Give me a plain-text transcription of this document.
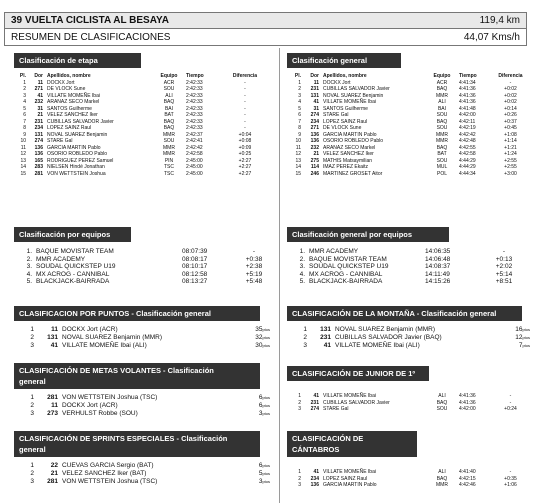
39 VUELTA CICLISTA AL BESAYA	119,4 km
RESUMEN DE CLASIFICACIONES	44,07 Kms/h
Clasificación de etapa
Pl.	Dor	Apellidos, nombre	Equipo	Tiempo	Diferencia
1	11	DOCKX Jort	ACR	2:42:33	-
2	271	DE VLOCK Sune	SOU	2:42:33	-
3	41	VILLATE MOMEÑE Ibai	ALI	2:42:33	-
4	232	ARANAZ SECO Markel	BAQ	2:42:33	-
5	31	SANTOS Guilherme	BAI	2:42:33	-
6	21	VELEZ SANCHEZ Iker	BAT	2:42:33	-
7	231	CUBILLAS SALVADOR Javier	BAQ	2:42:33	-
8	234	LOPEZ SAINZ Raul	BAQ	2:42:33	-
9	131	NOVAL SUAREZ Benjamin	MMR	2:42:37	+0:04
10	274	STARE Gal	SOU	2:42:41	+0:08
11	136	GARCIA MARTIN Pablo	MMR	2:42:42	+0:09
12	136	OSORIO ROBLEDO Pablo	MMR	2:42:58	+0:25
13	165	RODRIGUEZ PEREZ Samuel	PIN	2:45:00	+2:27
14	283	NIELSEN Hindé Jonathan	TSC	2:45:00	+2:27
15	281	VON WETTSTEIN Joshua	TSC	2:45:00	+2:27
Clasificación por equipos
1.	BAQUE MOVISTAR TEAM	08:07:39	-
2.	MMR ACADEMY	08:08:17	+0:38
3.	SOUDAL QUICKSTEP U19	08:10:17	+2:38
4.	MX ACROG - CANNIBAL	08:12:58	+5:19
5.	BLACKJACK-BAIRRADA	08:13:27	+5:48
CLASIFICACION POR PUNTOS - Clasificación general
1	11	DOCKX Jort (ACR)	35ptos
2	131	NOVAL SUAREZ Benjamin (MMR)	32ptos
3	41	VILLATE MOMEÑE Ibai (ALI)	30ptos
CLASIFICACIÓN DE METAS VOLANTES - Clasificación
general
1	281	VON WETTSTEIN Joshua (TSC)	6ptos
2	11	DOCKX Jort (ACR)	6ptos
3	273	VERHULST Robbe (SOU)	3ptos
CLASIFICACIÓN DE SPRINTS ESPECIALES - Clasificación
general
1	22	CUEVAS GARCIA Sergio (BAT)	6ptos
2	21	VELEZ SANCHEZ Iker (BAT)	5ptos
3	281	VON WETTSTEIN Joshua (TSC)	3ptos
Clasificación general
Pl.	Dor	Apellidos, nombre	Equipo	Tiempo	Diferencia
1	11	DOCKX Jort	ACR	4:41:34	-
2	231	CUBILLAS SALVADOR Javier	BAQ	4:41:36	+0:02
3	131	NOVAL SUAREZ Benjamin	MMR	4:41:36	+0:02
4	41	VILLATE MOMEÑE Ibai	ALI	4:41:36	+0:02
5	31	SANTOS Guilherme	BAI	4:41:48	+0:14
6	274	STARE Gal	SOU	4:42:00	+0:26
7	234	LOPEZ SAINZ Raul	BAQ	4:42:11	+0:37
8	271	DE VLOCK Sune	SOU	4:42:19	+0:45
9	136	GARCIA MARTIN Pablo	MMR	4:42:42	+1:08
10	136	OSORIO ROBLEDO Pablo	MMR	4:42:48	+1:14
11	232	ARANAZ SECO Markel	BAQ	4:42:55	+1:21
12	21	VELEZ SANCHEZ Iker	BAT	4:42:58	+1:24
13	275	MATHIS Matsaymilian	SOU	4:44:29	+2:55
14	114	IMAZ PEREZ Ekaitz	MUL	4:44:29	+2:55
15	246	MARTINEZ GROSET Aitor	POL	4:44:34	+3:00
Clasificación general por equipos
1.	MMR ACADEMY	14:06:35	-
2.	BAQUE MOVISTAR TEAM	14:06:48	+0:13
3.	SOUDAL QUICKSTEP U19	14:08:37	+2:02
4.	MX ACROG - CANNIBAL	14:11:49	+5:14
5.	BLACKJACK-BAIRRADA	14:15:26	+8:51
CLASIFICACIÓN DE LA MONTAÑA - Clasificación general
1	131	NOVAL SUAREZ Benjamin (MMR)	16ptos
2	231	CUBILLAS SALVADOR Javier (BAQ)	12ptos
3	41	VILLATE MOMEÑE Ibai (ALI)	7ptos
CLASIFICACIÓN DE JUNIOR DE 1º
1	41	VILLATE MOMEÑE Ibai	ALI	4:41:36	-
2	231	CUBILLAS SALVADOR Javier	BAQ	4:41:36	-
3	274	STARE Gal	SOU	4:42:00	+0:24
CLASIFICACIÓN DE CÁNTABROS
1	41	VILLATE MOMEÑE Ibai	ALI	4:41:40	-
2	234	LOPEZ SAINZ Raul	BAQ	4:42:15	+0:35
3	136	GARCIA MARTIN Pablo	MMR	4:42:46	+1:06
